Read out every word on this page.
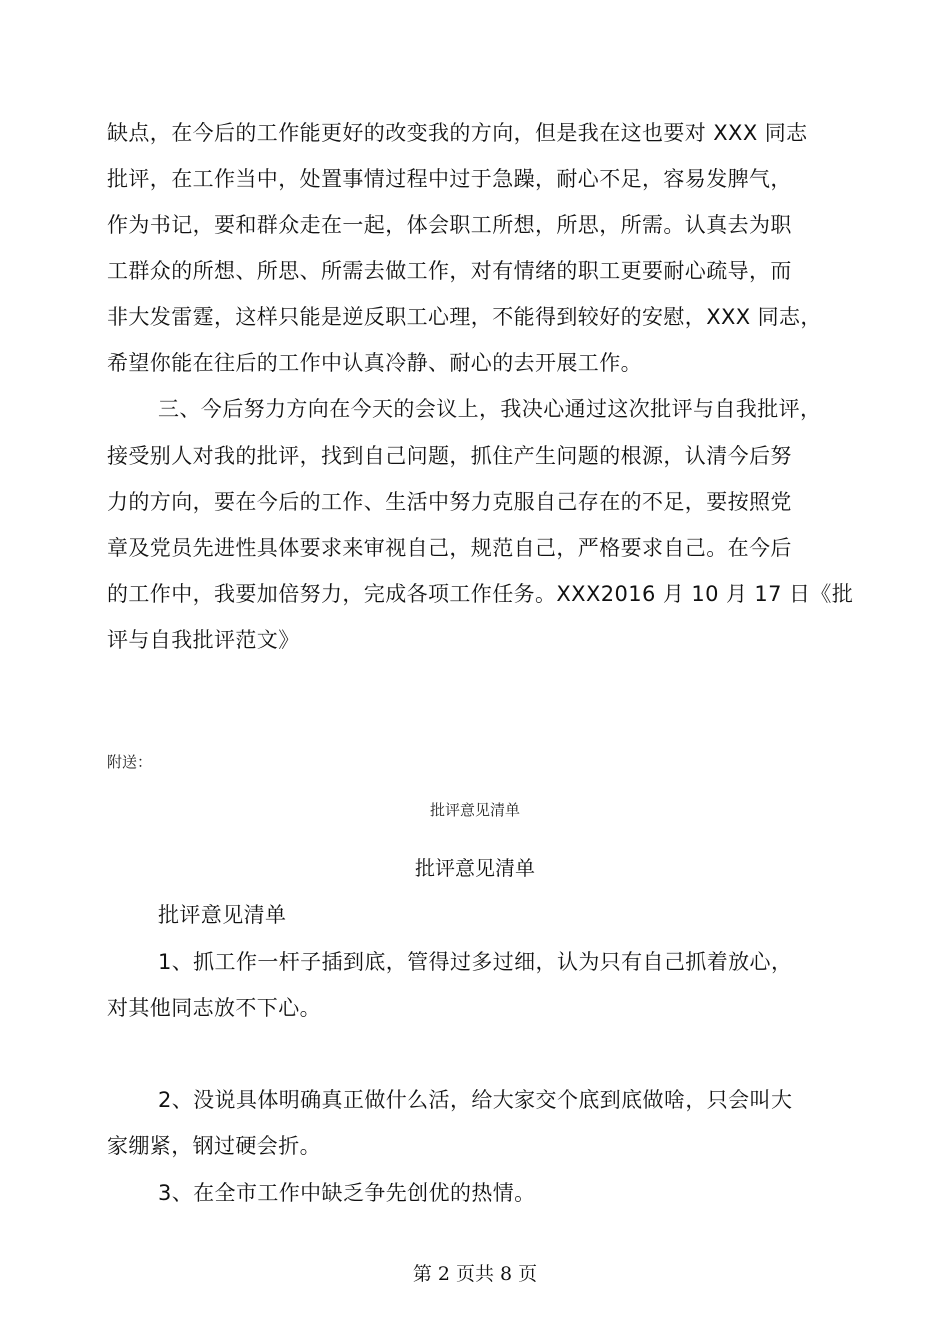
缺点，在今后的工作能更好的改变我的方向，但是我在这也要对 XXX 同志
批评，在工作当中，处置事情过程中过于急躁，耐心不足，容易发脾气，
作为书记，要和群众走在一起，体会职工所想，所思，所需。认真去为职
工群众的所想、所思、所需去做工作，对有情绪的职工更要耐心疏导，而
非大发雷霆，这样只能是逆反职工心理，不能得到较好的安慰，XXX 同志，
希望你能在往后的工作中认真冷静、耐心的去开展工作。
三、今后努力方向在今天的会议上，我决心通过这次批评与自我批评，
接受别人对我的批评，找到自己问题，抓住产生问题的根源，认清今后努
力的方向，要在今后的工作、生活中努力克服自己存在的不足，要按照党
章及党员先进性具体要求来审视自己，规范自己，严格要求自己。在今后
的工作中，我要加倍努力，完成各项工作任务。XXX2016 月 10 月 17 日《批
评与自我批评范文》
附送：
批评意见清单
批评意见清单
批评意见清单
1、抓工作一杆子插到底，管得过多过细，认为只有自己抓着放心，
对其他同志放不下心。
2、没说具体明确真正做什么活，给大家交个底到底做啥，只会叫大
家绷紧，钢过硬会折。
3、在全市工作中缺乏争先创优的热情。
第 2 页共 8 页
